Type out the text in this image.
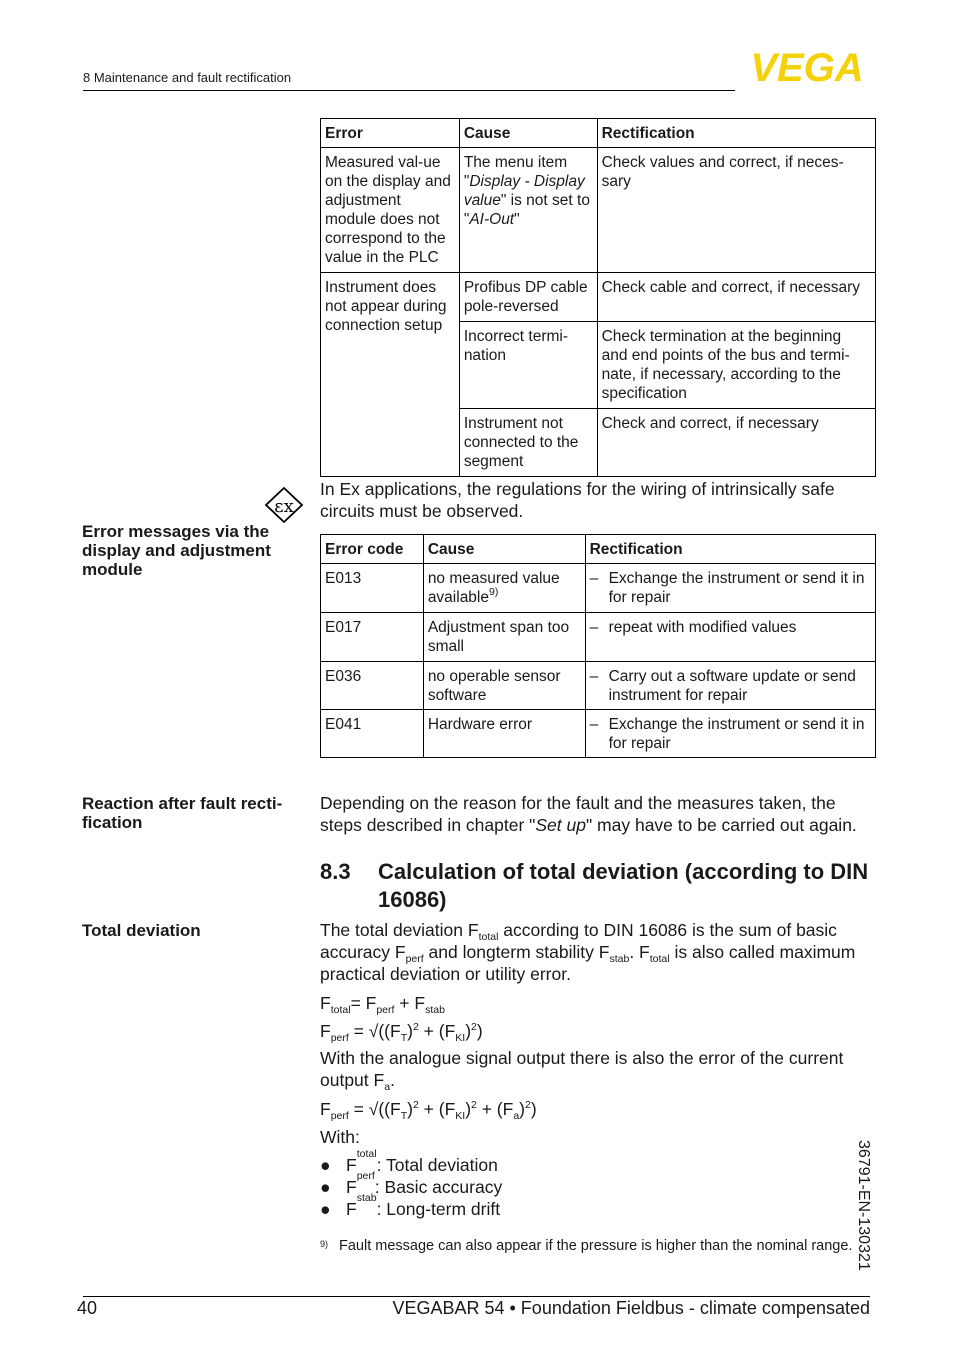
8 Maintenance and fault rectification	VEGA
Error	Cause	Rectification
Measured val-ue on the display and adjustment module does not correspond to the value in the PLC	The menu item "Display - Display value" is not set to "AI-Out"	Check values and correct, if neces-sary
Instrument does not appear during connection setup	Profibus DP cable pole-reversed	Check cable and correct, if necessary
	Incorrect termi-nation	Check termination at the beginning and end points of the bus and termi-nate, if necessary, according to the specification
	Instrument not connected to the segment	Check and correct, if necessary
εx
In Ex applications, the regulations for the wiring of intrinsically safe circuits must be observed.
Error messages via the display and adjustment module
Error code	Cause	Rectification
E013	no measured value available$^{9)}$	– Exchange the instrument or send it in for repair

E017	Adjustment span too small	– repeat with modified values

E036	no operable sensor software	– Carry out a software update or send instrument for repair

E041	Hardware error	– Exchange the instrument or send it in for repair
Reaction after fault recti-fication
Depending on the reason for the fault and the measures taken, the steps described in chapter "Set up" may have to be carried out again.
8.3 Calculation of total deviation (according to DIN 16086)
Total deviation	The total deviation $F_{total}$ according to DIN 16086 is the sum of basic accuracy $F_{perf}$ and longterm stability $F_{stab}$. $F_{total}$ is also called maximum practical deviation or utility error.
$F_{total}= F_{perf} + F_{stab}$
$F_{perf} = √((F_T)^2 + (F_{KI})^2)$
With the analogue signal output there is also the error of the current output $F_a$.
$F_{perf} = √((F_T)^2 + (F_{KI})^2 + (F_a)^2)$
With:
● F
total
: Total deviation
● F
perf
: Basic accuracy
● F
stab
: Long-term drift
9) Fault message can also appear if the pressure is higher than the nominal range. 36791-EN-130321
40	VEGABAR 54 • Foundation Fieldbus - climate compensated
